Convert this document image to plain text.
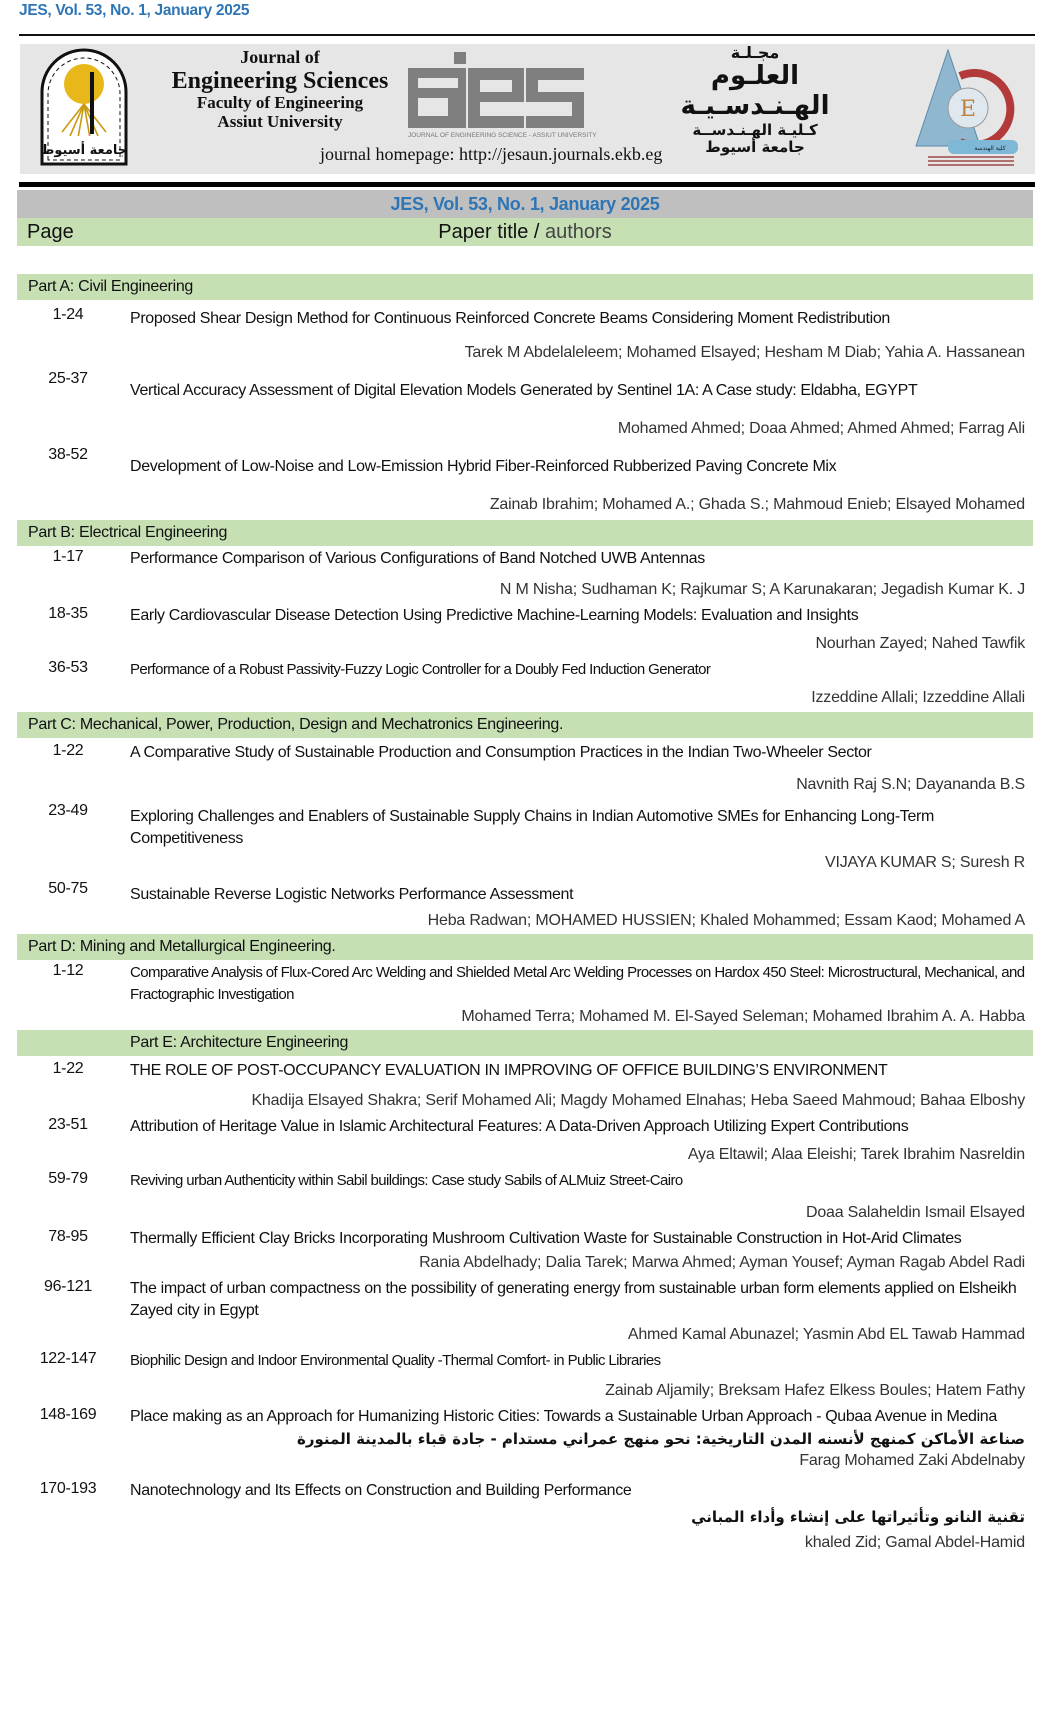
JES, Vol. 53, No. 1, January 2025
جامعة أسيوط
Journal of
Engineering Sciences
Faculty of Engineering
Assiut University
JOURNAL OF ENGINEERING SCIENCE - ASSIUT UNIVERSITY
مجـلـة
العلـوم الهـنـدسـيـة
كـليـة الهـنـدســة
جامعة أسيوط
journal homepage: http://jesaun.journals.ekb.eg
E
كلية الهندسة
JES, Vol. 53, No. 1, January 2025
Page	Paper title / authors
Part A: Civil Engineering
1-24	Proposed Shear Design Method for Continuous Reinforced Concrete Beams Considering Moment Redistribution
Tarek M Abdelaleleem; Mohamed Elsayed; Hesham M Diab; Yahia A. Hassanean
25-37
Vertical Accuracy Assessment of Digital Elevation Models Generated by Sentinel 1A: A Case study: Eldabha, EGYPT
Mohamed Ahmed; Doaa Ahmed; Ahmed Ahmed; Farrag Ali
38-52
Development of Low-Noise and Low-Emission Hybrid Fiber-Reinforced Rubberized Paving Concrete Mix
Zainab Ibrahim; Mohamed A.; Ghada S.; Mahmoud Enieb; Elsayed Mohamed
Part B: Electrical Engineering
1-17	Performance Comparison of Various Configurations of Band Notched UWB Antennas
N M Nisha; Sudhaman K; Rajkumar S; A Karunakaran; Jegadish Kumar K. J
18-35	Early Cardiovascular Disease Detection Using Predictive Machine-Learning Models: Evaluation and Insights
Nourhan Zayed; Nahed Tawfik
36-53	Performance of a Robust Passivity-Fuzzy Logic Controller for a Doubly Fed Induction Generator
Izzeddine Allali; Izzeddine Allali
Part C: Mechanical, Power, Production, Design and Mechatronics Engineering.
1-22	A Comparative Study of Sustainable Production and Consumption Practices in the Indian Two-Wheeler Sector
Navnith Raj S.N; Dayananda B.S
23-49	Exploring Challenges and Enablers of Sustainable Supply Chains in Indian Automotive SMEs for Enhancing Long-Term Competitiveness
VIJAYA KUMAR S; Suresh R
50-75	Sustainable Reverse Logistic Networks Performance Assessment
Heba Radwan; MOHAMED HUSSIEN; Khaled Mohammed; Essam Kaod; Mohamed A
Part D: Mining and Metallurgical Engineering.
1-12	Comparative Analysis of Flux-Cored Arc Welding and Shielded Metal Arc Welding Processes on Hardox 450 Steel: Microstructural, Mechanical, and Fractographic Investigation
Mohamed Terra; Mohamed M. El-Sayed Seleman; Mohamed Ibrahim A. A. Habba
Part E: Architecture Engineering
1-22	THE ROLE OF POST-OCCUPANCY EVALUATION IN IMPROVING OF OFFICE BUILDING’S ENVIRONMENT
Khadija Elsayed Shakra; Serif Mohamed Ali; Magdy Mohamed Elnahas; Heba Saeed Mahmoud; Bahaa Elboshy
23-51	Attribution of Heritage Value in Islamic Architectural Features: A Data-Driven Approach Utilizing Expert Contributions
Aya Eltawil; Alaa Eleishi; Tarek Ibrahim Nasreldin
59-79	Reviving urban Authenticity within Sabil buildings: Case study Sabils of ALMuiz Street-Cairo
Doaa Salaheldin Ismail Elsayed
78-95	Thermally Efficient Clay Bricks Incorporating Mushroom Cultivation Waste for Sustainable Construction in Hot-Arid Climates
Rania Abdelhady; Dalia Tarek; Marwa Ahmed; Ayman Yousef; Ayman Ragab Abdel Radi
96-121	The impact of urban compactness on the possibility of generating energy from sustainable urban form elements applied on Elsheikh Zayed city in Egypt
Ahmed Kamal Abunazel; Yasmin Abd EL Tawab Hammad
122-147	Biophilic Design and Indoor Environmental Quality -Thermal Comfort- in Public Libraries
Zainab Aljamily; Breksam Hafez Elkess Boules; Hatem Fathy
148-169	Place making as an Approach for Humanizing Historic Cities: Towards a Sustainable Urban Approach - Qubaa Avenue in Medina
صناعة الأماكن كمنهج لأنسنه المدن التاريخية: نحو منهج عمراني مستدام - جادة قباء بالمدينة المنورة
Farag Mohamed Zaki Abdelnaby
170-193	Nanotechnology and Its Effects on Construction and Building Performance
تقنية النانو وتأثيراتها على إنشاء وأداء المباني
khaled Zid; Gamal Abdel-Hamid
